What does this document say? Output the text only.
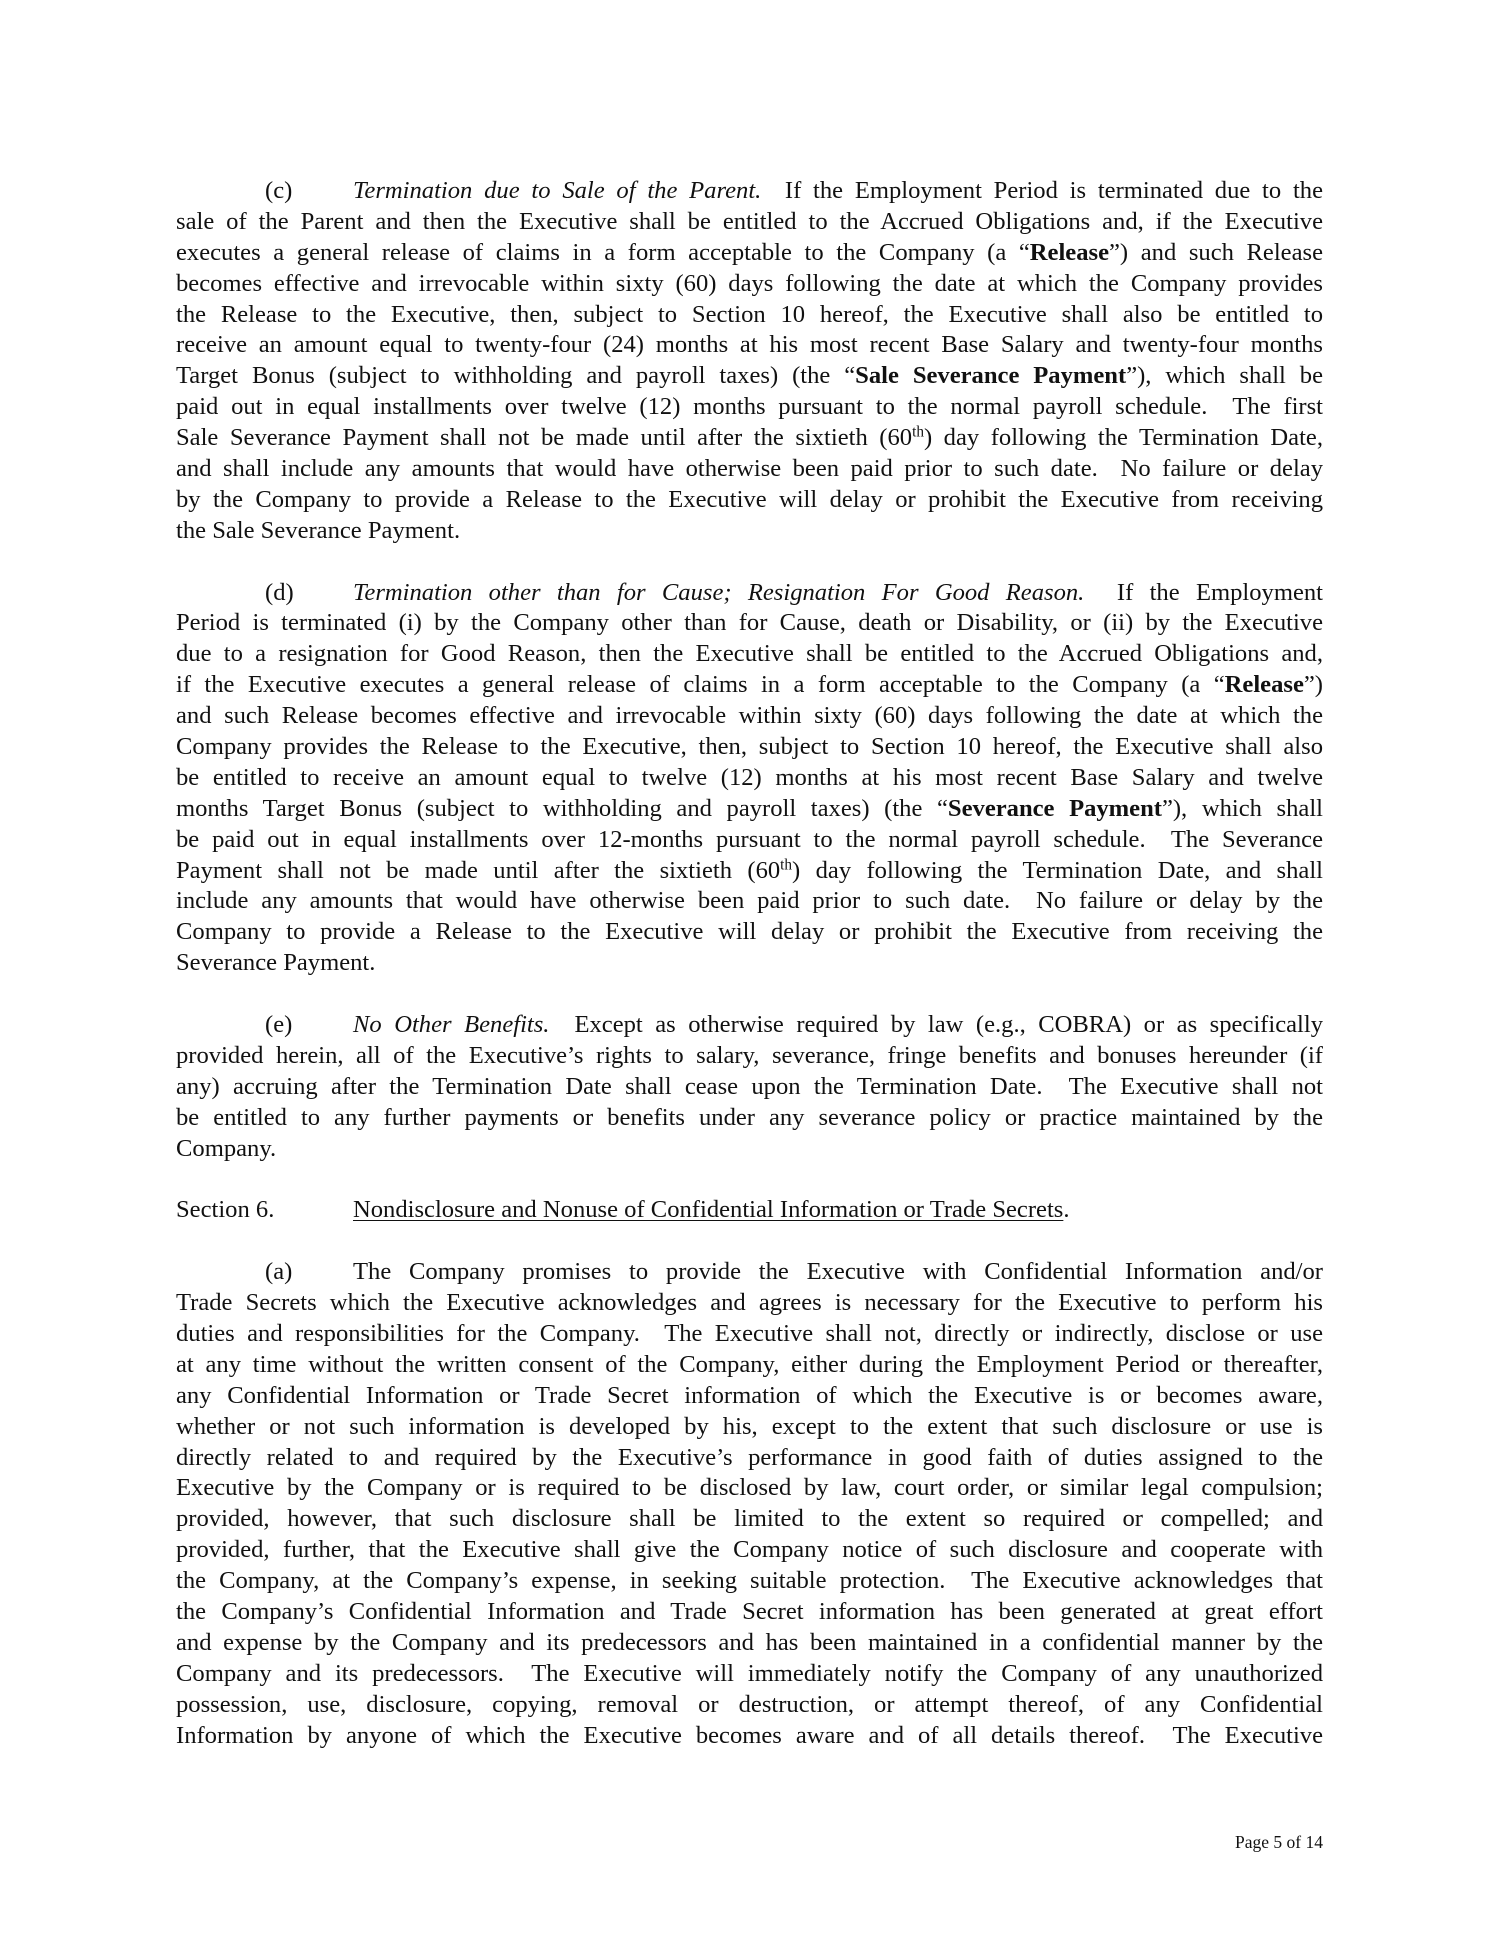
(c) Termination due to Sale of the Parent.  If the Employment Period is terminated due to the
sale of the Parent and then the Executive shall be entitled to the Accrued Obligations and, if the Executive
executes a general release of claims in a form acceptable to the Company (a “Release”) and such Release
becomes effective and irrevocable within sixty (60) days following the date at which the Company provides
the Release to the Executive, then, subject to Section 10 hereof, the Executive shall also be entitled to
receive an amount equal to twenty-four (24) months at his most recent Base Salary and twenty-four months
Target Bonus (subject to withholding and payroll taxes) (the “Sale Severance Payment”), which shall be
paid out in equal installments over twelve (12) months pursuant to the normal payroll schedule.  The first
Sale Severance Payment shall not be made until after the sixtieth (60th) day following the Termination Date,
and shall include any amounts that would have otherwise been paid prior to such date.  No failure or delay
by the Company to provide a Release to the Executive will delay or prohibit the Executive from receiving
the Sale Severance Payment.
(d) Termination other than for Cause; Resignation For Good Reason.  If the Employment
Period is terminated (i) by the Company other than for Cause, death or Disability, or (ii) by the Executive
due to a resignation for Good Reason, then the Executive shall be entitled to the Accrued Obligations and,
if the Executive executes a general release of claims in a form acceptable to the Company (a “Release”)
and such Release becomes effective and irrevocable within sixty (60) days following the date at which the
Company provides the Release to the Executive, then, subject to Section 10 hereof, the Executive shall also
be entitled to receive an amount equal to twelve (12) months at his most recent Base Salary and twelve
months Target Bonus (subject to withholding and payroll taxes) (the “Severance Payment”), which shall
be paid out in equal installments over 12-months pursuant to the normal payroll schedule.  The Severance
Payment shall not be made until after the sixtieth (60th) day following the Termination Date, and shall
include any amounts that would have otherwise been paid prior to such date.  No failure or delay by the
Company to provide a Release to the Executive will delay or prohibit the Executive from receiving the
Severance Payment.
(e) No Other Benefits.  Except as otherwise required by law (e.g., COBRA) or as specifically
provided herein, all of the Executive’s rights to salary, severance, fringe benefits and bonuses hereunder (if
any) accruing after the Termination Date shall cease upon the Termination Date.  The Executive shall not
be entitled to any further payments or benefits under any severance policy or practice maintained by the
Company.
Section 6.	Nondisclosure and Nonuse of Confidential Information or Trade Secrets.
(a) The Company promises to provide the Executive with Confidential Information and/or
Trade Secrets which the Executive acknowledges and agrees is necessary for the Executive to perform his
duties and responsibilities for the Company.  The Executive shall not, directly or indirectly, disclose or use
at any time without the written consent of the Company, either during the Employment Period or thereafter,
any Confidential Information or Trade Secret information of which the Executive is or becomes aware,
whether or not such information is developed by his, except to the extent that such disclosure or use is
directly related to and required by the Executive’s performance in good faith of duties assigned to the
Executive by the Company or is required to be disclosed by law, court order, or similar legal compulsion;
provided, however, that such disclosure shall be limited to the extent so required or compelled; and
provided, further, that the Executive shall give the Company notice of such disclosure and cooperate with
the Company, at the Company’s expense, in seeking suitable protection.  The Executive acknowledges that
the Company’s Confidential Information and Trade Secret information has been generated at great effort
and expense by the Company and its predecessors and has been maintained in a confidential manner by the
Company and its predecessors.  The Executive will immediately notify the Company of any unauthorized
possession, use, disclosure, copying, removal or destruction, or attempt thereof, of any Confidential
Information by anyone of which the Executive becomes aware and of all details thereof.  The Executive
Page 5 of 14
